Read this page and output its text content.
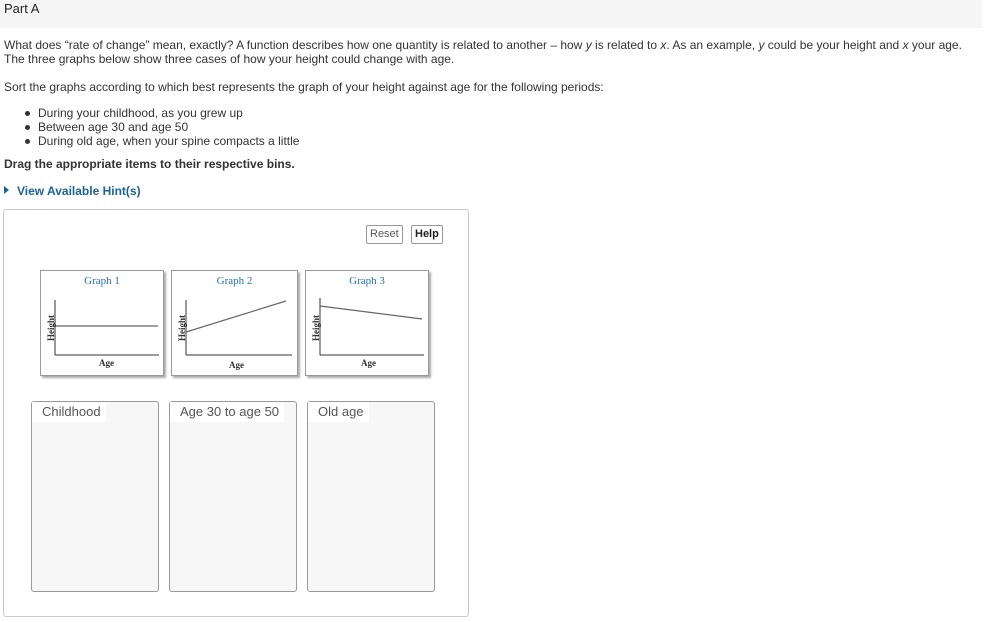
Part A
What does “rate of change” mean, exactly? A function describes how one quantity is related to another – how y is related to x. As an example, y could be your height and x your age. The three graphs below show three cases of how your height could change with age.
Sort the graphs according to which best represents the graph of your height against age for the following periods:
During your childhood, as you grew up
Between age 30 and age 50
During old age, when your spine compacts a little
Drag the appropriate items to their respective bins.
View Available Hint(s)
Reset	Help
Graph 1
Age
Height
Graph 2
Age
Height
Graph 3
Age
Height
Childhood	Age 30 to age 50	Old age
